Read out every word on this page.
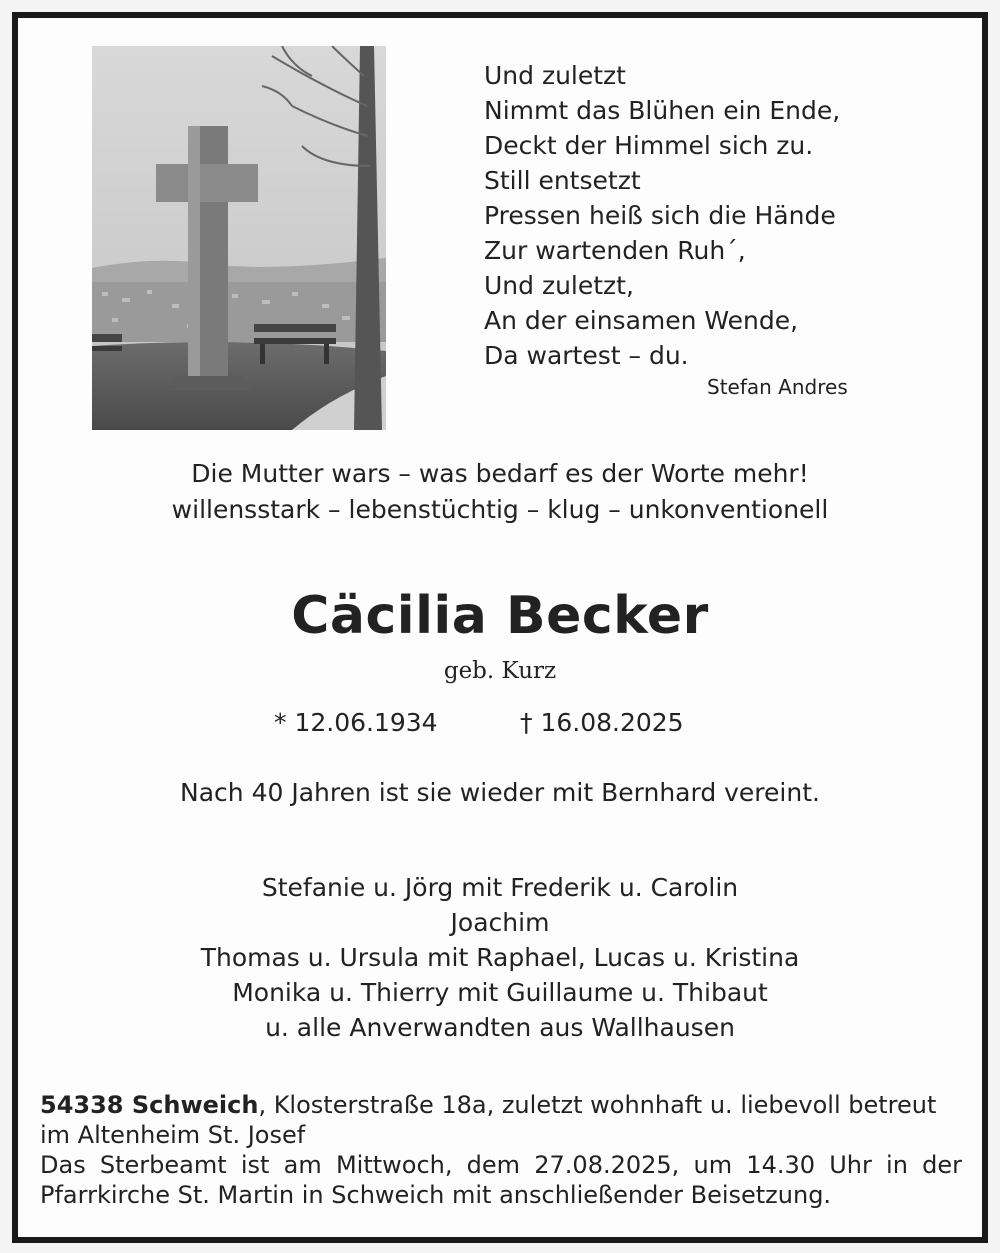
Und zuletzt
Nimmt das Blühen ein Ende,
Deckt der Himmel sich zu.
Still entsetzt
Pressen heiß sich die Hände
Zur wartenden Ruh´,
Und zuletzt,
An der einsamen Wende,
Da wartest – du.
Stefan Andres
Die Mutter wars – was bedarf es der Worte mehr!
willensstark – lebenstüchtig – klug – unkonventionell
Cäcilia Becker
geb. Kurz
* 12.06.1934	† 16.08.2025
Nach 40 Jahren ist sie wieder mit Bernhard vereint.
Stefanie u. Jörg mit Frederik u. Carolin
Joachim
Thomas u. Ursula mit Raphael, Lucas u. Kristina
Monika u. Thierry mit Guillaume u. Thibaut
u. alle Anverwandten aus Wallhausen

54338 Schweich, Klosterstraße 18a, zuletzt wohnhaft u. liebevoll betreut im Altenheim St. Josef

Das Sterbeamt ist am Mittwoch, dem 27.08.2025, um 14.30 Uhr in der Pfarrkirche St. Martin in Schweich mit anschließender Beisetzung.
